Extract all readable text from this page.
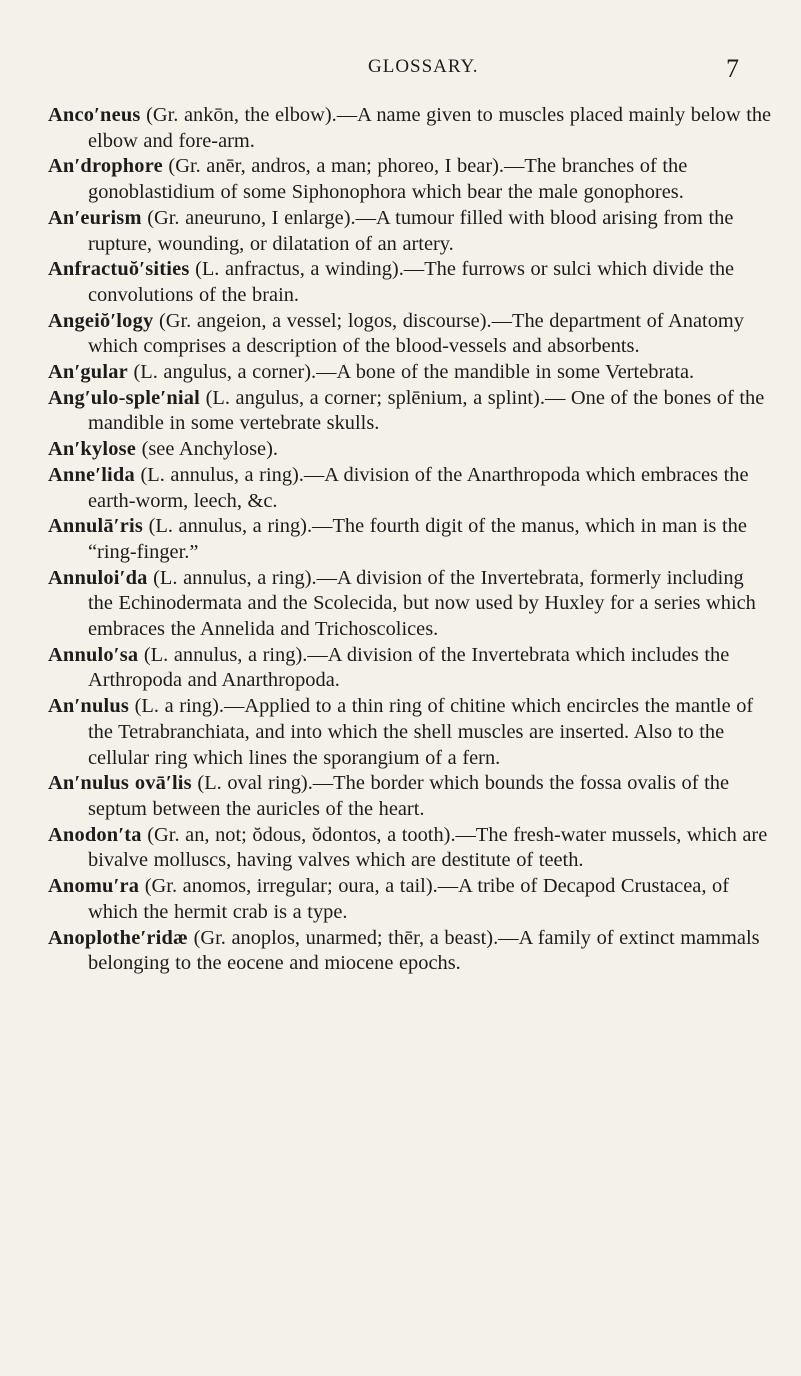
GLOSSARY.	7

Anco′neus (Gr. ankōn, the elbow).—A name given to muscles placed mainly below the elbow and fore-arm.

An′drophore (Gr. anēr, andros, a man; phoreo, I bear).—The branches of the gonoblastidium of some Siphonophora which bear the male gonophores.

An′eurism (Gr. aneuruno, I enlarge).—A tumour filled with blood arising from the rupture, wounding, or dilatation of an artery.

Anfractuŏ′sities (L. anfractus, a winding).—The furrows or sulci which divide the convolutions of the brain.

Angeiŏ′logy (Gr. angeion, a vessel; logos, discourse).—The department of Anatomy which comprises a description of the blood-vessels and absorbents.

An′gular (L. angulus, a corner).—A bone of the mandible in some Vertebrata.

Ang′ulo-sple′nial (L. angulus, a corner; splēnium, a splint).— One of the bones of the mandible in some vertebrate skulls.

An′kylose (see Anchylose).

Anne′lida (L. annulus, a ring).—A division of the Anarthropoda which embraces the earth-worm, leech, &c.

Annulā′ris (L. annulus, a ring).—The fourth digit of the manus, which in man is the “ring-finger.”

Annuloi′da (L. annulus, a ring).—A division of the Invertebrata, formerly including the Echinodermata and the Scolecida, but now used by Huxley for a series which embraces the Annelida and Trichoscolices.

Annulo′sa (L. annulus, a ring).—A division of the Invertebrata which includes the Arthropoda and Anarthropoda.

An′nulus (L. a ring).—Applied to a thin ring of chitine which encircles the mantle of the Tetrabranchiata, and into which the shell muscles are inserted. Also to the cellular ring which lines the sporangium of a fern.

An′nulus ovā′lis (L. oval ring).—The border which bounds the fossa ovalis of the septum between the auricles of the heart.

Anodon′ta (Gr. an, not; ŏdous, ŏdontos, a tooth).—The fresh-water mussels, which are bivalve molluscs, having valves which are destitute of teeth.

Anomu′ra (Gr. anomos, irregular; oura, a tail).—A tribe of Decapod Crustacea, of which the hermit crab is a type.

Anoplothe′ridæ (Gr. anoplos, unarmed; thēr, a beast).—A family of extinct mammals belonging to the eocene and miocene epochs.
